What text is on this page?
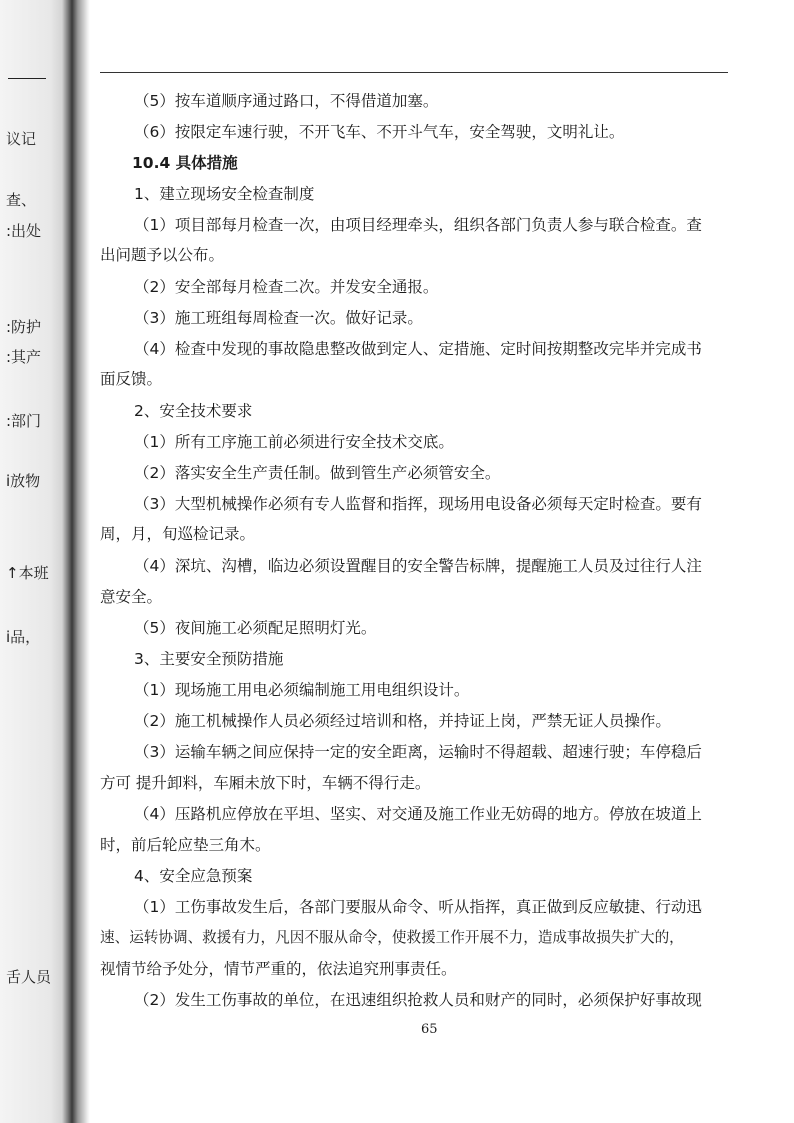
议记
查、
:出处
:防护
:其产
:部门
i放物
↑本班
i品，
舌人员
（5）按车道顺序通过路口，不得借道加塞。
（6）按限定车速行驶，不开飞车、不开斗气车，安全驾驶，文明礼让。
10.4 具体措施
1、建立现场安全检查制度
（1）项目部每月检查一次，由项目经理牵头，组织各部门负责人参与联合检查。查
出问题予以公布。
（2）安全部每月检查二次。并发安全通报。
（3）施工班组每周检查一次。做好记录。
（4）检查中发现的事故隐患整改做到定人、定措施、定时间按期整改完毕并完成书
面反馈。
2、安全技术要求
（1）所有工序施工前必须进行安全技术交底。
（2）落实安全生产责任制。做到管生产必须管安全。
（3）大型机械操作必须有专人监督和指挥，现场用电设备必须每天定时检查。要有
周，月，旬巡检记录。
（4）深坑、沟槽，临边必须设置醒目的安全警告标牌，提醒施工人员及过往行人注
意安全。
（5）夜间施工必须配足照明灯光。
3、主要安全预防措施
（1）现场施工用电必须编制施工用电组织设计。
（2）施工机械操作人员必须经过培训和格，并持证上岗，严禁无证人员操作。
（3）运输车辆之间应保持一定的安全距离，运输时不得超载、超速行驶；车停稳后
方可 提升卸料，车厢未放下时，车辆不得行走。
（4）压路机应停放在平坦、坚实、对交通及施工作业无妨碍的地方。停放在坡道上
时，前后轮应垫三角木。
4、安全应急预案
（1）工伤事故发生后，各部门要服从命令、听从指挥，真正做到反应敏捷、行动迅
速、运转协调、救援有力，凡因不服从命令，使救援工作开展不力，造成事故损失扩大的，
视情节给予处分，情节严重的，依法追究刑事责任。
（2）发生工伤事故的单位，在迅速组织抢救人员和财产的同时，必须保护好事故现
65
